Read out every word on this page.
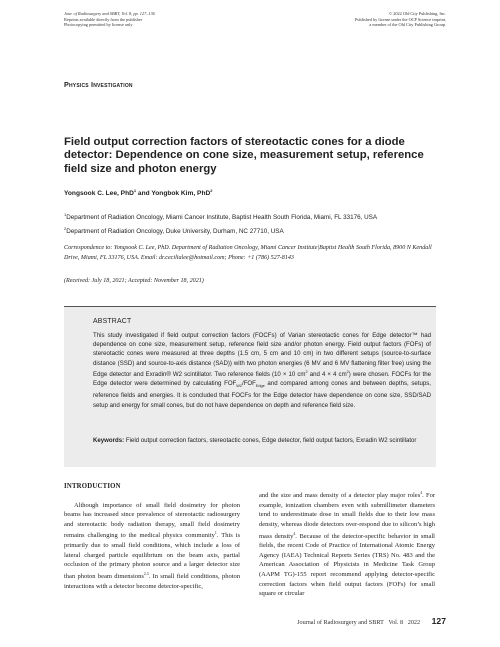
Jour. of Radiosurgery and SBRT, Vol. 8, pp. 127–136
Reprints available directly from the publisher
Photocopying permitted by license only
© 2022 Old City Publishing, Inc.
Published by license under the OCP Science imprint,
a member of the Old City Publishing Group.
Physics Investigation
Field output correction factors of stereotactic cones for a diode detector: Dependence on cone size, measurement setup, reference field size and photon energy
Yongsook C. Lee, PhD$^1$ and Yongbok Kim, PhD$^2$
$^1$Department of Radiation Oncology, Miami Cancer Institute, Baptist Health South Florida, Miami, FL 33176, USA
$^2$Department of Radiation Oncology, Duke University, Durham, NC 27710, USA
Correspondence to: Yongsook C. Lee, PhD. Department of Radiation Oncology, Miami Cancer Institute|Baptist Health South Florida, 8900 N Kendall Drive, Miami, FL 33176, USA. Email: dr.cecilialee@hotmail.com; Phone: +1 (786) 527-8143
(Received: July 18, 2021; Accepted: November 18, 2021)
ABSTRACT
This study investigated if field output correction factors (FOCFs) of Varian stereotactic cones for Edge detector™ had dependence on cone size, measurement setup, reference field size and/or photon energy. Field output factors (FOFs) of stereotactic cones were measured at three depths (1.5 cm, 5 cm and 10 cm) in two different setups (source-to-surface distance (SSD) and source-to-axis distance (SAD)) with two photon energies (6 MV and 6 MV flattening filter free) using the Edge detector and Exradin® W2 scintillator. Two reference fields (10 × 10 $cm^2$ and 4 × 4 $cm^2$) were chosen. FOCFs for the Edge detector were determined by calculating $FOF_{W2}/FOF_{Edge}$ and compared among cones and between depths, setups, reference fields and energies. It is concluded that FOCFs for the Edge detector have dependence on cone size, SSD/SAD setup and energy for small cones, but do not have dependence on depth and reference field size.
Keywords: Field output correction factors, stereotactic cones, Edge detector, field output factors, Exradin W2 scintillator
INTRODUCTION

Although importance of small field dosimetry for photon beams has increased since prevalence of stereotactic radiosurgery and stereotactic body radiation therapy, small field dosimetry remains challenging to the medical physics community$^1$. This is primarily due to small field conditions, which include a loss of lateral charged particle equilibrium on the beam axis, partial occlusion of the primary photon source and a larger detector size than photon beam dimensions$^{2,3}$. In small field conditions, photon interactions with a detector become detector-specific,

and the size and mass density of a detector play major roles$^4$. For example, ionization chambers even with submillimeter diameters tend to underestimate dose in small fields due to their low mass density, whereas diode detectors over-respond due to silicon’s high mass density$^4$. Because of the detector-specific behavior in small fields, the recent Code of Practice of International Atomic Energy Agency (IAEA) Technical Reports Series (TRS) No. 483 and the American Association of Physicists in Medicine Task Group (AAPM TG)-155 report recommend applying detector-specific correction factors when field output factors (FOFs) for small square or circular

Journal of Radiosurgery and SBRT Vol. 8 2022 127
